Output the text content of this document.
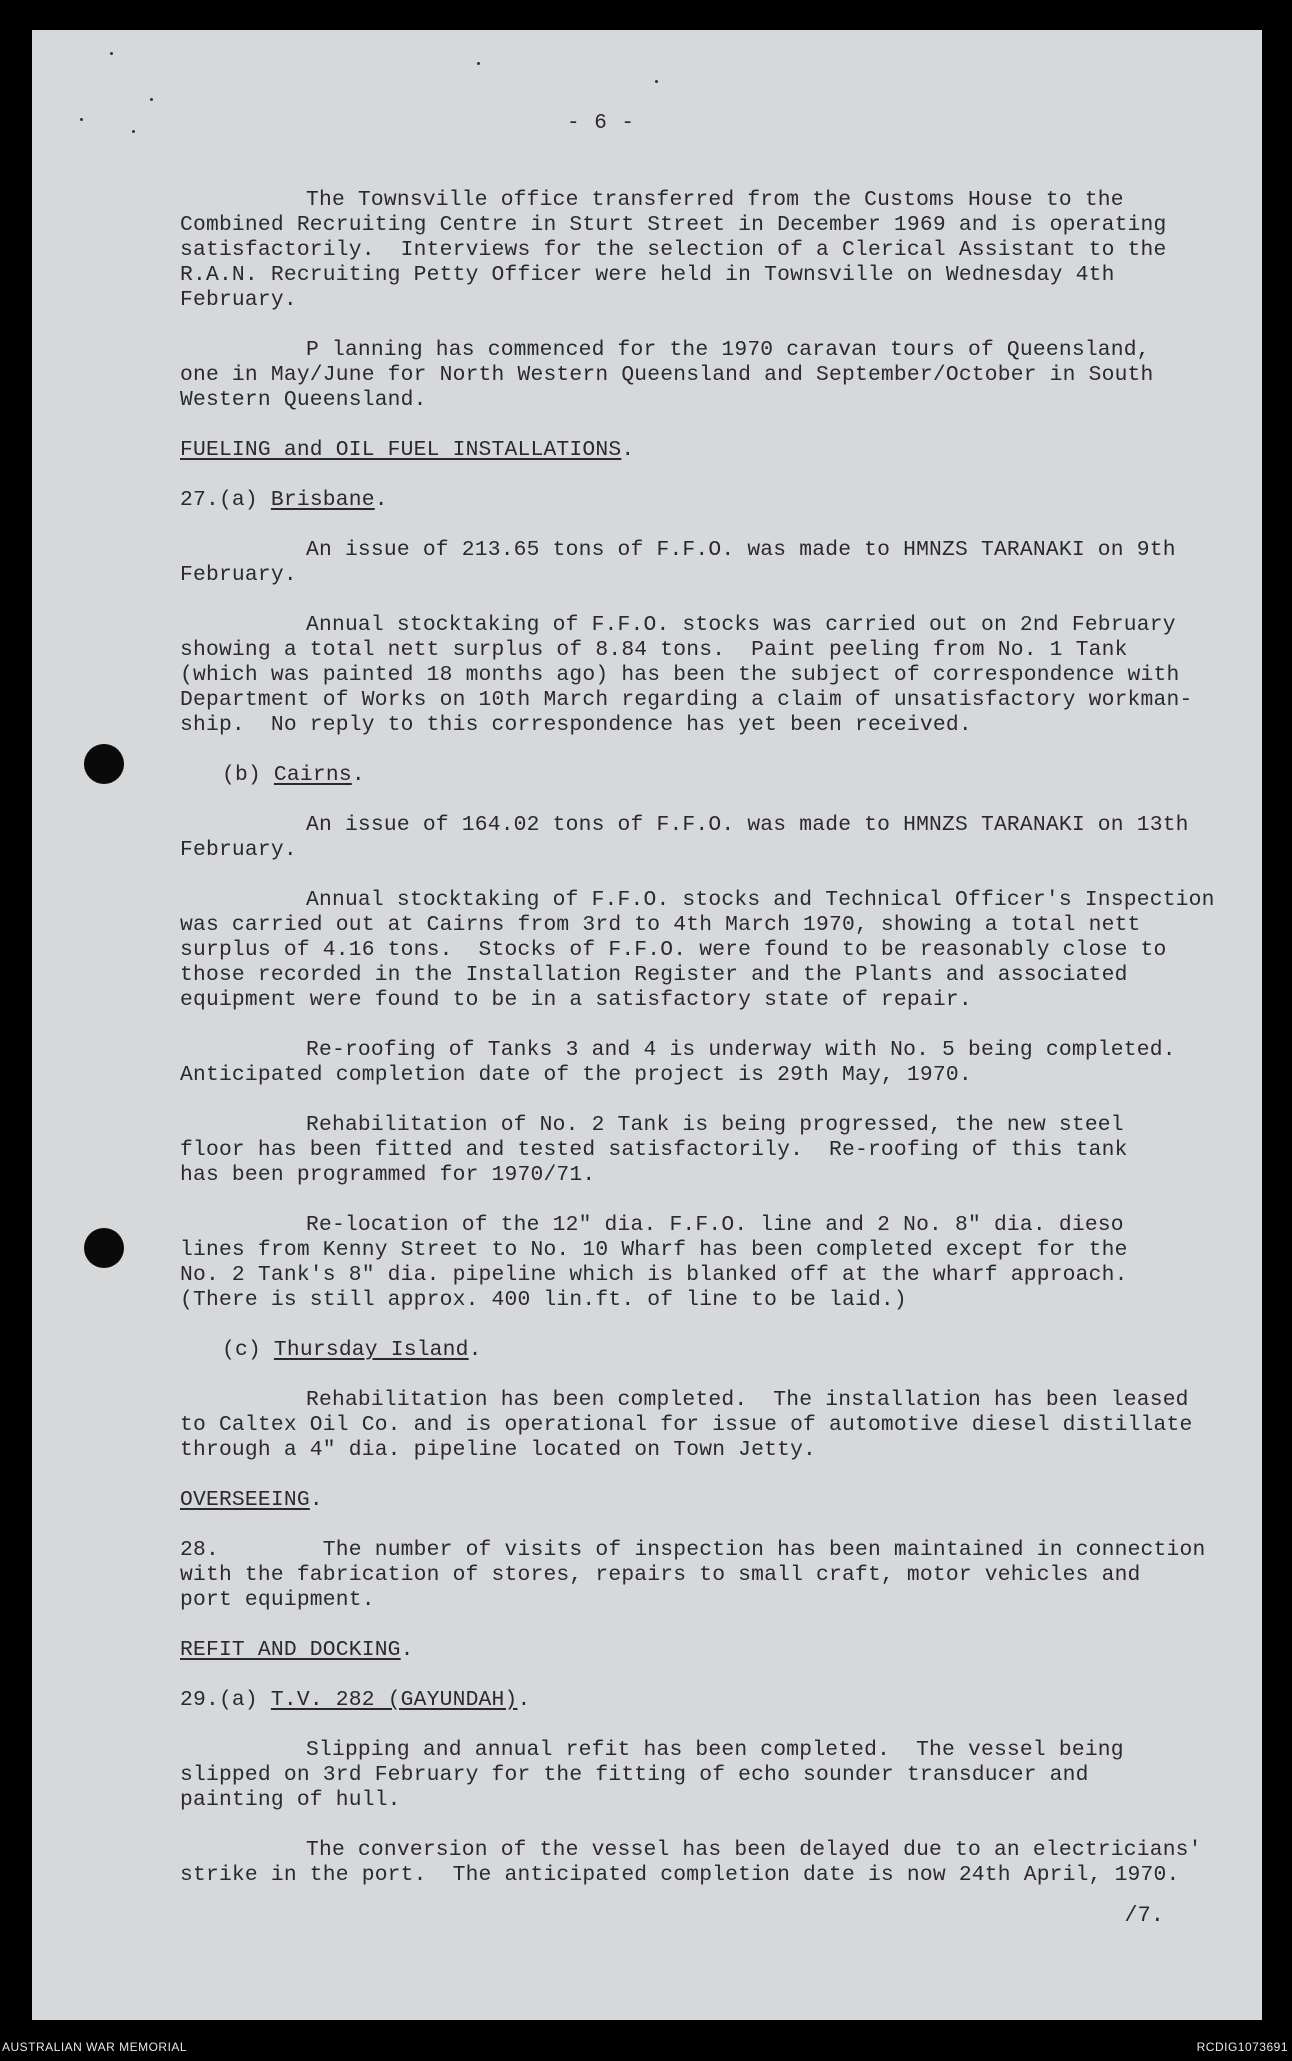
- 6 -

The Townsville office transferred from the Customs House to the
Combined Recruiting Centre in Sturt Street in December 1969 and is operating
satisfactorily.  Interviews for the selection of a Clerical Assistant to the
R.A.N. Recruiting Petty Officer were held in Townsville on Wednesday 4th
February.

P lanning has commenced for the 1970 caravan tours of Queensland,
one in May/June for North Western Queensland and September/October in South
Western Queensland.

FUELING and OIL FUEL INSTALLATIONS.

27.(a) Brisbane.

An issue of 213.65 tons of F.F.O. was made to HMNZS TARANAKI on 9th
February.

Annual stocktaking of F.F.O. stocks was carried out on 2nd February
showing a total nett surplus of 8.84 tons.  Paint peeling from No. 1 Tank
(which was painted 18 months ago) has been the subject of correspondence with
Department of Works on 10th March regarding a claim of unsatisfactory workman-
ship.  No reply to this correspondence has yet been received.

(b) Cairns.

An issue of 164.02 tons of F.F.O. was made to HMNZS TARANAKI on 13th
February.

Annual stocktaking of F.F.O. stocks and Technical Officer's Inspection
was carried out at Cairns from 3rd to 4th March 1970, showing a total nett
surplus of 4.16 tons.  Stocks of F.F.O. were found to be reasonably close to
those recorded in the Installation Register and the Plants and associated
equipment were found to be in a satisfactory state of repair.

Re-roofing of Tanks 3 and 4 is underway with No. 5 being completed.
Anticipated completion date of the project is 29th May, 1970.

Rehabilitation of No. 2 Tank is being progressed, the new steel
floor has been fitted and tested satisfactorily.  Re-roofing of this tank
has been programmed for 1970/71.

Re-location of the 12" dia. F.F.O. line and 2 No. 8" dia. dieso
lines from Kenny Street to No. 10 Wharf has been completed except for the
No. 2 Tank's 8" dia. pipeline which is blanked off at the wharf approach.
(There is still approx. 400 lin.ft. of line to be laid.)

(c) Thursday Island.

Rehabilitation has been completed.  The installation has been leased
to Caltex Oil Co. and is operational for issue of automotive diesel distillate
through a 4" dia. pipeline located on Town Jetty.

OVERSEEING.

28.	The number of visits of inspection has been maintained in connection
with the fabrication of stores, repairs to small craft, motor vehicles and
port equipment.

REFIT AND DOCKING.

29.(a) T.V. 282 (GAYUNDAH).

Slipping and annual refit has been completed.  The vessel being
slipped on 3rd February for the fitting of echo sounder transducer and
painting of hull.

The conversion of the vessel has been delayed due to an electricians'
strike in the port.  The anticipated completion date is now 24th April, 1970.

/7.
AUSTRALIAN WAR MEMORIAL	RCDIG1073691
